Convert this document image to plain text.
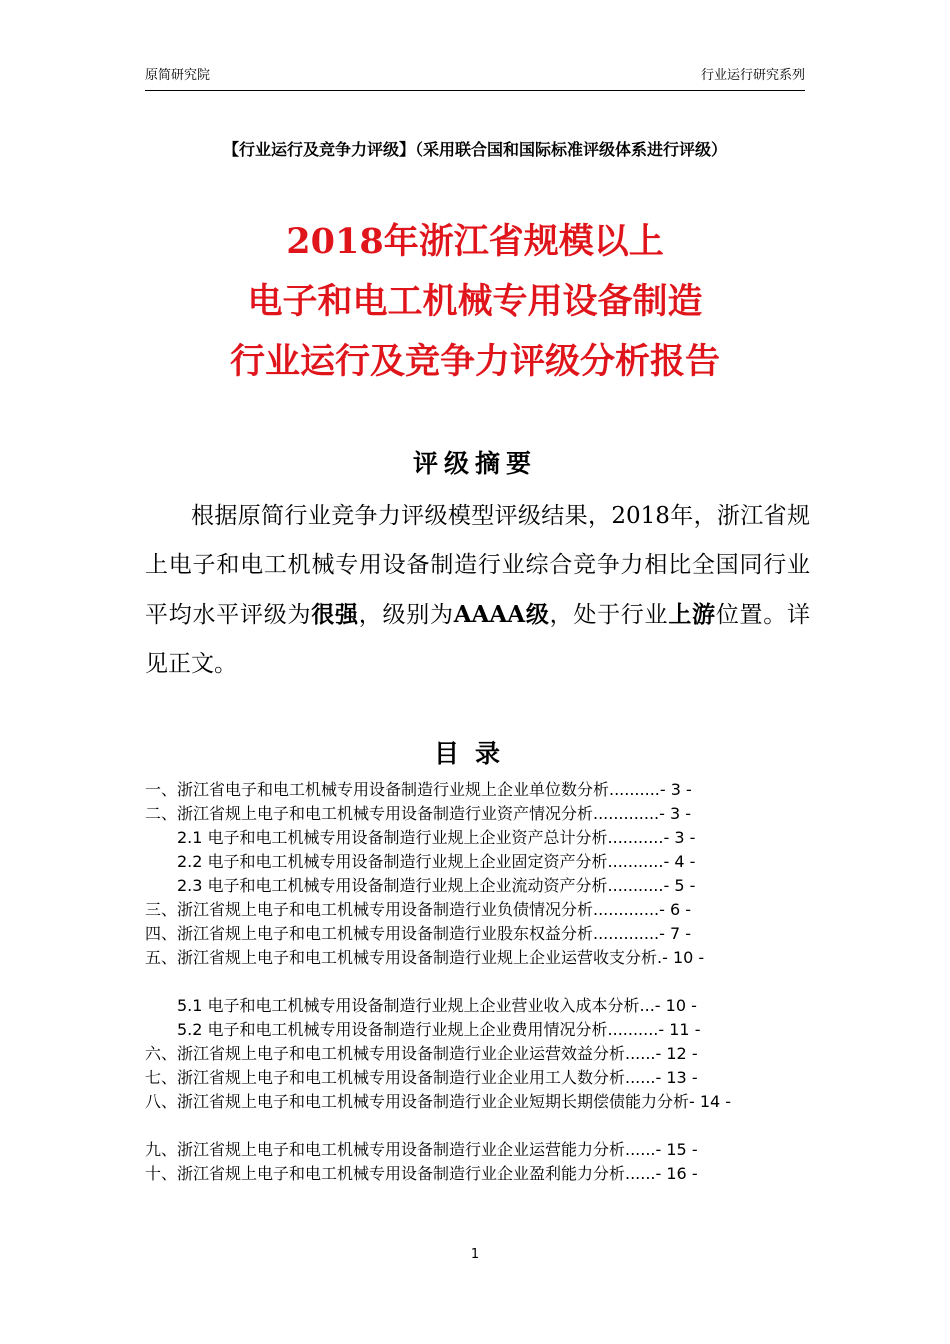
原简研究院	行业运行研究系列
【行业运行及竞争力评级】（采用联合国和国际标准评级体系进行评级）
2018年浙江省规模以上
电子和电工机械专用设备制造
行业运行及竞争力评级分析报告
评级摘要
根据原简行业竞争力评级模型评级结果，2018年，浙江省规上电子和电工机械专用设备制造行业综合竞争力相比全国同行业平均水平评级为很强，级别为AAAA级，处于行业上游位置。详见正文。
目录
一、浙江省电子和电工机械专用设备制造行业规上企业单位数分析..........- 3 -
二、浙江省规上电子和电工机械专用设备制造行业资产情况分析.............- 3 -
2.1 电子和电工机械专用设备制造行业规上企业资产总计分析...........- 3 -
2.2 电子和电工机械专用设备制造行业规上企业固定资产分析...........- 4 -
2.3 电子和电工机械专用设备制造行业规上企业流动资产分析...........- 5 -
三、浙江省规上电子和电工机械专用设备制造行业负债情况分析.............- 6 -
四、浙江省规上电子和电工机械专用设备制造行业股东权益分析.............- 7 -
五、浙江省规上电子和电工机械专用设备制造行业规上企业运营收支分析.- 10 -
5.1 电子和电工机械专用设备制造行业规上企业营业收入成本分析...- 10 -
5.2 电子和电工机械专用设备制造行业规上企业费用情况分析..........- 11 -
六、浙江省规上电子和电工机械专用设备制造行业企业运营效益分析......- 12 -
七、浙江省规上电子和电工机械专用设备制造行业企业用工人数分析......- 13 -
八、浙江省规上电子和电工机械专用设备制造行业企业短期长期偿债能力分析- 14 -
九、浙江省规上电子和电工机械专用设备制造行业企业运营能力分析......- 15 -
十、浙江省规上电子和电工机械专用设备制造行业企业盈利能力分析......- 16 -
1
